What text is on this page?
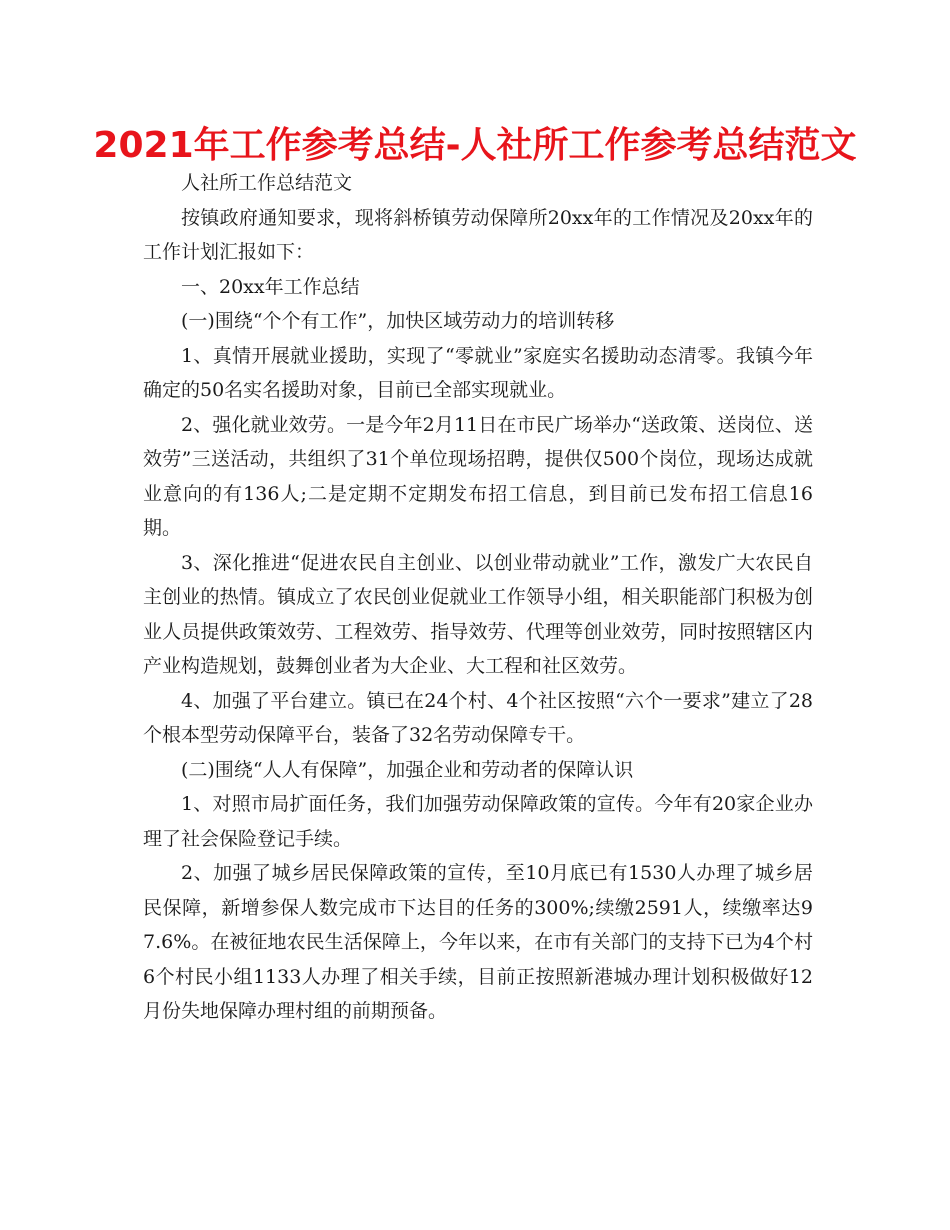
2021年工作参考总结-人社所工作参考总结范文

人社所工作总结范文

按镇政府通知要求，现将斜桥镇劳动保障所20xx年的工作情况及20xx年的工作计划汇报如下：

一、20xx年工作总结

(一)围绕“个个有工作”，加快区域劳动力的培训转移

1、真情开展就业援助，实现了“零就业”家庭实名援助动态清零。我镇今年确定的50名实名援助对象，目前已全部实现就业。

2、强化就业效劳。一是今年2月11日在市民广场举办“送政策、送岗位、送效劳”三送活动，共组织了31个单位现场招聘，提供仅500个岗位，现场达成就业意向的有136人;二是定期不定期发布招工信息，到目前已发布招工信息16期。

3、深化推进“促进农民自主创业、以创业带动就业”工作，激发广大农民自主创业的热情。镇成立了农民创业促就业工作领导小组，相关职能部门积极为创业人员提供政策效劳、工程效劳、指导效劳、代理等创业效劳，同时按照辖区内产业构造规划，鼓舞创业者为大企业、大工程和社区效劳。

4、加强了平台建立。镇已在24个村、4个社区按照“六个一要求”建立了28个根本型劳动保障平台，装备了32名劳动保障专干。

(二)围绕“人人有保障”，加强企业和劳动者的保障认识

1、对照市局扩面任务，我们加强劳动保障政策的宣传。今年有20家企业办理了社会保险登记手续。

2、加强了城乡居民保障政策的宣传，至10月底已有1530人办理了城乡居民保障，新增参保人数完成市下达目的任务的300%;续缴2591人，续缴率达97.6%。在被征地农民生活保障上，今年以来，在市有关部门的支持下已为4个村6个村民小组1133人办理了相关手续，目前正按照新港城办理计划积极做好12月份失地保障办理村组的前期预备。
